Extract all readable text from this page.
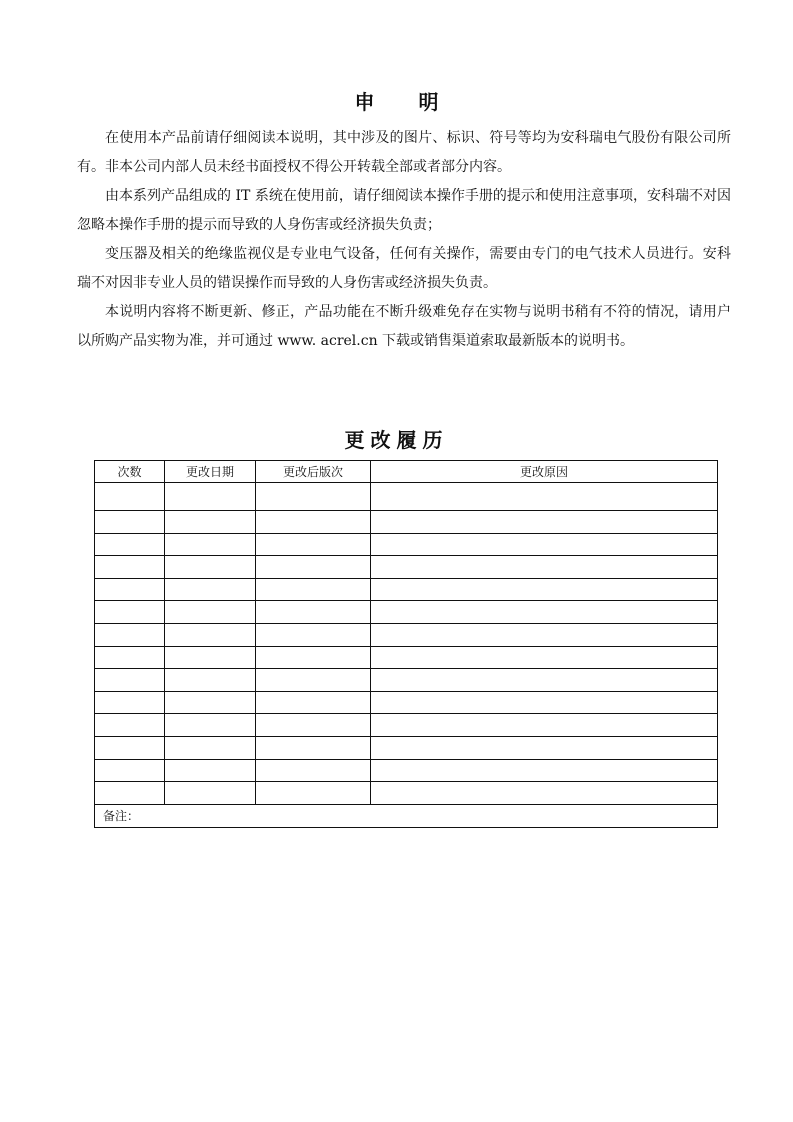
申 明

在使用本产品前请仔细阅读本说明，其中涉及的图片、标识、符号等均为安科瑞电气股份有限公司所有。非本公司内部人员未经书面授权不得公开转载全部或者部分内容。

由本系列产品组成的 IT 系统在使用前，请仔细阅读本操作手册的提示和使用注意事项，安科瑞不对因忽略本操作手册的提示而导致的人身伤害或经济损失负责；

变压器及相关的绝缘监视仪是专业电气设备，任何有关操作，需要由专门的电气技术人员进行。安科瑞不对因非专业人员的错误操作而导致的人身伤害或经济损失负责。

本说明内容将不断更新、修正，产品功能在不断升级难免存在实物与说明书稍有不符的情况，请用户以所购产品实物为准，并可通过 www. acrel.cn 下载或销售渠道索取最新版本的说明书。

更改履历
次数	更改日期	更改后版次	更改原因

备注：			
